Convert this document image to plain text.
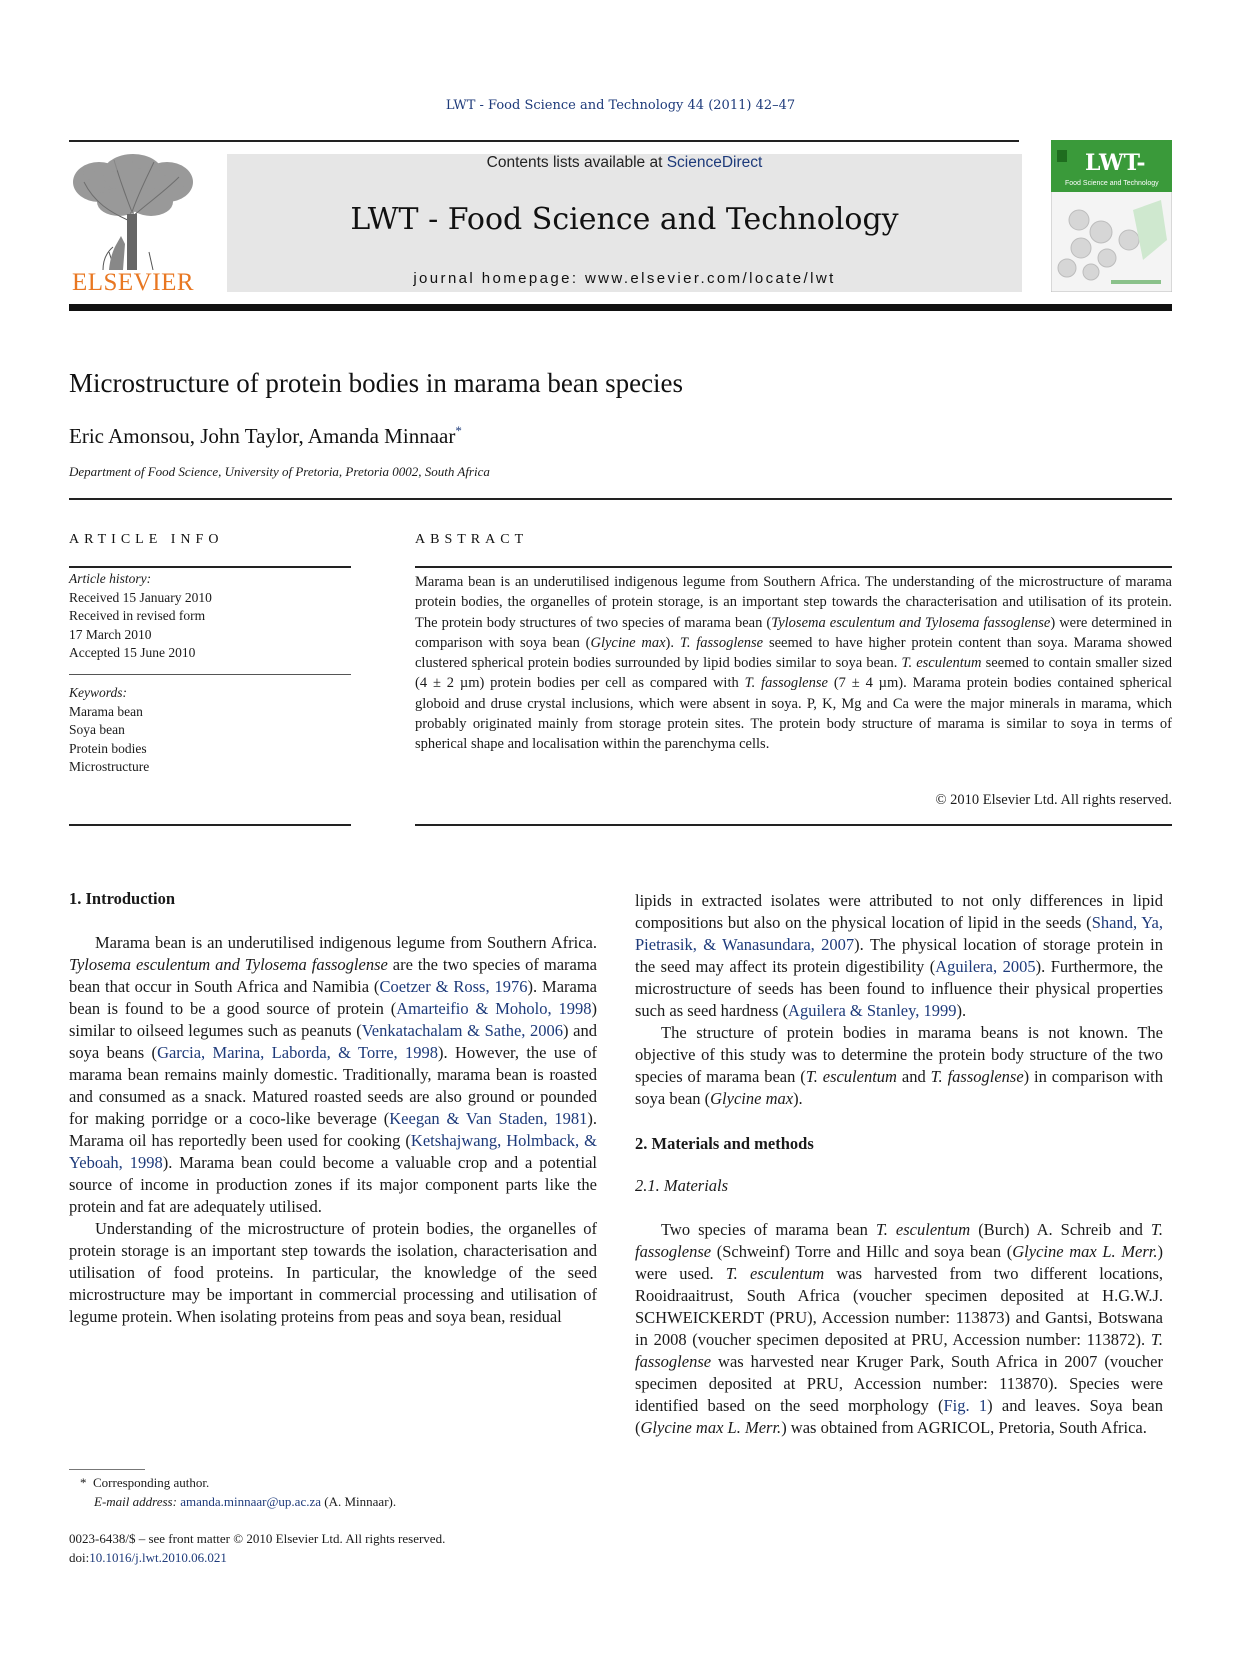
LWT - Food Science and Technology 44 (2011) 42–47
ELSEVIER
Contents lists available at ScienceDirect
LWT - Food Science and Technology
journal homepage: www.elsevier.com/locate/lwt
LWT-
Food Science and Technology
Microstructure of protein bodies in marama bean species
Eric Amonsou, John Taylor, Amanda Minnaar*
Department of Food Science, University of Pretoria, Pretoria 0002, South Africa
ARTICLE INFO	ABSTRACT
Article history:
Received 15 January 2010
Received in revised form
17 March 2010
Accepted 15 June 2010
Keywords:
Marama bean
Soya bean
Protein bodies
Microstructure
Marama bean is an underutilised indigenous legume from Southern Africa. The understanding of the microstructure of marama protein bodies, the organelles of protein storage, is an important step towards the characterisation and utilisation of its protein. The protein body structures of two species of marama bean (Tylosema esculentum and Tylosema fassoglense) were determined in comparison with soya bean (Glycine max). T. fassoglense seemed to have higher protein content than soya. Marama showed clustered spherical protein bodies surrounded by lipid bodies similar to soya bean. T. esculentum seemed to contain smaller sized (4 ± 2 µm) protein bodies per cell as compared with T. fassoglense (7 ± 4 µm). Marama protein bodies contained spherical globoid and druse crystal inclusions, which were absent in soya. P, K, Mg and Ca were the major minerals in marama, which probably originated mainly from storage protein sites. The protein body structure of marama is similar to soya in terms of spherical shape and localisation within the parenchyma cells.
© 2010 Elsevier Ltd. All rights reserved.
1. Introduction

Marama bean is an underutilised indigenous legume from Southern Africa. Tylosema esculentum and Tylosema fassoglense are the two species of marama bean that occur in South Africa and Namibia (Coetzer & Ross, 1976). Marama bean is found to be a good source of protein (Amarteifio & Moholo, 1998) similar to oilseed legumes such as peanuts (Venkatachalam & Sathe, 2006) and soya beans (Garcia, Marina, Laborda, & Torre, 1998). However, the use of marama bean remains mainly domestic. Traditionally, marama bean is roasted and consumed as a snack. Matured roasted seeds are also ground or pounded for making porridge or a coco-like beverage (Keegan & Van Staden, 1981). Marama oil has reportedly been used for cooking (Ketshajwang, Holmback, & Yeboah, 1998). Marama bean could become a valuable crop and a potential source of income in production zones if its major component parts like the protein and fat are adequately utilised.

Understanding of the microstructure of protein bodies, the organelles of protein storage is an important step towards the isolation, characterisation and utilisation of food proteins. In particular, the knowledge of the seed microstructure may be important in commercial processing and utilisation of legume protein. When isolating proteins from peas and soya bean, residual

lipids in extracted isolates were attributed to not only differences in lipid compositions but also on the physical location of lipid in the seeds (Shand, Ya, Pietrasik, & Wanasundara, 2007). The physical location of storage protein in the seed may affect its protein digestibility (Aguilera, 2005). Furthermore, the microstructure of seeds has been found to influence their physical properties such as seed hardness (Aguilera & Stanley, 1999).

The structure of protein bodies in marama beans is not known. The objective of this study was to determine the protein body structure of the two species of marama bean (T. esculentum and T. fassoglense) in comparison with soya bean (Glycine max).

2. Materials and methods
2.1. Materials

Two species of marama bean T. esculentum (Burch) A. Schreib and T. fassoglense (Schweinf) Torre and Hillc and soya bean (Glycine max L. Merr.) were used. T. esculentum was harvested from two different locations, Rooidraaitrust, South Africa (voucher specimen deposited at H.G.W.J. SCHWEICKERDT (PRU), Accession number: 113873) and Gantsi, Botswana in 2008 (voucher specimen deposited at PRU, Accession number: 113872). T. fassoglense was harvested near Kruger Park, South Africa in 2007 (voucher specimen deposited at PRU, Accession number: 113870). Species were identified based on the seed morphology (Fig. 1) and leaves. Soya bean (Glycine max L. Merr.) was obtained from AGRICOL, Pretoria, South Africa.

* Corresponding author.
E-mail address: amanda.minnaar@up.ac.za (A. Minnaar).
0023-6438/$ – see front matter © 2010 Elsevier Ltd. All rights reserved.
doi:10.1016/j.lwt.2010.06.021
